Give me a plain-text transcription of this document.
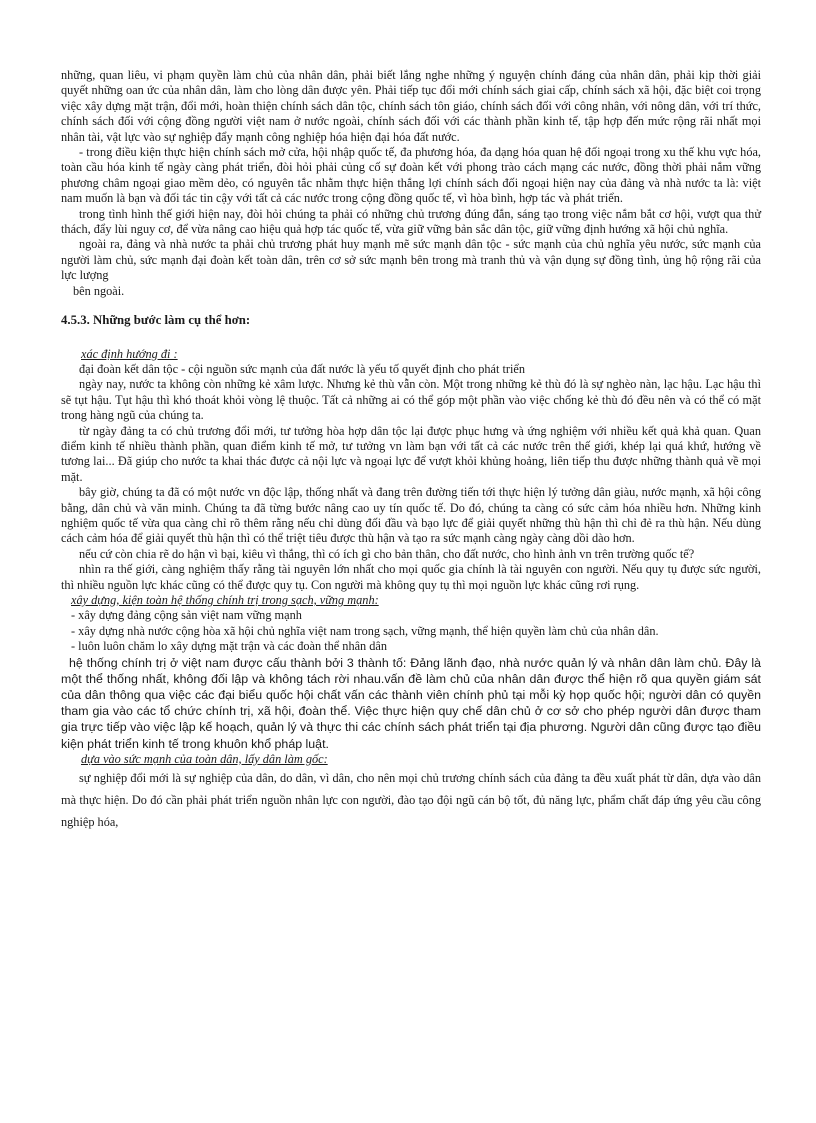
những, quan liêu, vi phạm quyền làm chủ của nhân dân, phải biết lắng nghe những ý nguyện chính đáng của nhân dân, phải kịp thời giải quyết những oan ức của nhân dân, làm cho lòng dân được yên. Phải tiếp tục đổi mới chính sách giai cấp, chính sách xã hội, đặc biệt coi trọng việc xây dựng mặt trận, đổi mới, hoàn thiện chính sách dân tộc, chính sách tôn giáo, chính sách đối với công nhân, với nông dân, với trí thức, chính sách đối với cộng đồng người việt nam ở nước ngoài, chính sách đối với các thành phần kinh tế, tập hợp đến mức rộng rãi nhất mọi nhân tài, vật lực vào sự nghiệp đẩy mạnh công nghiệp hóa hiện đại hóa đất nước.

- trong điều kiện thực hiện chính sách mở cửa, hội nhập quốc tế, đa phương hóa, đa dạng hóa quan hệ đối ngoại trong xu thế khu vực hóa, toàn cầu hóa kinh tế ngày càng phát triển, đòi hỏi phải củng cố sự đoàn kết với phong trào cách mạng các nước, đồng thời phải nắm vững phương châm ngoại giao mềm dẻo, có nguyên tắc nhằm thực hiện thắng lợi chính sách đối ngoại hiện nay của đảng và nhà nước ta là: việt nam muốn là bạn và đối tác tin cậy với tất cả các nước trong cộng đồng quốc tế, vì hòa bình, hợp tác và phát triển.

trong tình hình thế giới hiện nay, đòi hỏi chúng ta phải có những chủ trương đúng đắn, sáng tạo trong việc nắm bắt cơ hội, vượt qua thử thách, đẩy lùi nguy cơ, để vừa nâng cao hiệu quả hợp tác quốc tế, vừa giữ vững bản sắc dân tộc, giữ vững định hướng xã hội chủ nghĩa.

ngoài ra, đảng và nhà nước ta phải chủ trương phát huy mạnh mẽ sức mạnh dân tộc - sức mạnh của chủ nghĩa yêu nước, sức mạnh của người làm chủ, sức mạnh đại đoàn kết toàn dân, trên cơ sở sức mạnh bên trong mà tranh thủ và vận dụng sự đồng tình, ủng hộ rộng rãi của lực lượng

bên ngoài.

4.5.3. Những bước làm cụ thể hơn:
xác định hướng đi :

đại đoàn kết dân tộc - cội nguồn sức mạnh của đất nước là yếu tố quyết định cho phát triển

ngày nay, nước ta không còn những kẻ xâm lược. Nhưng kẻ thù vẫn còn. Một trong những kẻ thù đó là sự nghèo nàn, lạc hậu. Lạc hậu thì sẽ tụt hậu. Tụt hậu thì khó thoát khỏi vòng lệ thuộc. Tất cả những ai có thể góp một phần vào việc chống kẻ thù đó đều nên và có thể có mặt trong hàng ngũ của chúng ta.

từ ngày đảng ta có chủ trương đổi mới, tư tưởng hòa hợp dân tộc lại được phục hưng và ứng nghiệm với nhiều kết quả khả quan. Quan điểm kinh tế nhiều thành phần, quan điểm kinh tế mở, tư tưởng vn làm bạn với tất cả các nước trên thế giới, khép lại quá khứ, hướng về tương lai... Đã giúp cho nước ta khai thác được cả nội lực và ngoại lực để vượt khỏi khủng hoảng, liên tiếp thu được những thành quả về mọi mặt.

bây giờ, chúng ta đã có một nước vn độc lập, thống nhất và đang trên đường tiến tới thực hiện lý tưởng dân giàu, nước mạnh, xã hội công bằng, dân chủ và văn minh. Chúng ta đã từng bước nâng cao uy tín quốc tế. Do đó, chúng ta càng có sức cảm hóa nhiều hơn. Những kinh nghiệm quốc tế vừa qua càng chỉ rõ thêm rằng nếu chỉ dùng đối đầu và bạo lực để giải quyết những thù hận thì chỉ đẻ ra thù hận. Nếu dùng cách cảm hóa để giải quyết thù hận thì có thể triệt tiêu được thù hận và tạo ra sức mạnh càng ngày càng dồi dào hơn.

nếu cứ còn chia rẽ do hận vì bại, kiêu vì thắng, thì có ích gì cho bản thân, cho đất nước, cho hình ảnh vn trên trường quốc tế?

nhìn ra thế giới, càng nghiệm thấy rằng tài nguyên lớn nhất cho mọi quốc gia chính là tài nguyên con người. Nếu quy tụ được sức người, thì nhiều nguồn lực khác cũng có thể được quy tụ. Con người mà không quy tụ thì mọi nguồn lực khác cũng rơi rụng.

xây dựng, kiện toàn hệ thống chính trị trong sạch, vững mạnh:

- xây dựng đảng cộng sản việt nam vững mạnh

- xây dựng nhà nước cộng hòa xã hội chủ nghĩa việt nam trong sạch, vững mạnh, thể hiện quyền làm chủ của nhân dân.

- luôn luôn chăm lo xây dựng mặt trận và các đoàn thể nhân dân

hệ thống chính trị ở việt nam được cấu thành bởi 3 thành tố: Đảng lãnh đạo, nhà nước quản lý và nhân dân làm chủ. Đây là một thể thống nhất, không đối lập và không tách rời nhau.vấn đề làm chủ của nhân dân được thể hiện rõ qua quyền giám sát của dân thông qua việc các đại biểu quốc hội chất vấn các thành viên chính phủ tại mỗi kỳ họp quốc hội; người dân có quyền tham gia vào các tổ chức chính trị, xã hội, đoàn thể. Việc thực hiện quy chế dân chủ ở cơ sở cho phép người dân được tham gia trực tiếp vào việc lập kế hoạch, quản lý và thực thi các chính sách phát triển tại địa phương. Người dân cũng được tạo điều kiện phát triển kinh tế trong khuôn khổ pháp luật.

dựa vào sức mạnh của toàn dân, lấy dân làm gốc:

sự nghiệp đổi mới là sự nghiệp của dân, do dân, vì dân, cho nên mọi chủ trương chính sách của đảng ta đều xuất phát từ dân, dựa vào dân mà thực hiện. Do đó cần phải phát triển nguồn nhân lực con người, đào tạo đội ngũ cán bộ tốt, đủ năng lực, phẩm chất đáp ứng yêu cầu công nghiệp hóa,
